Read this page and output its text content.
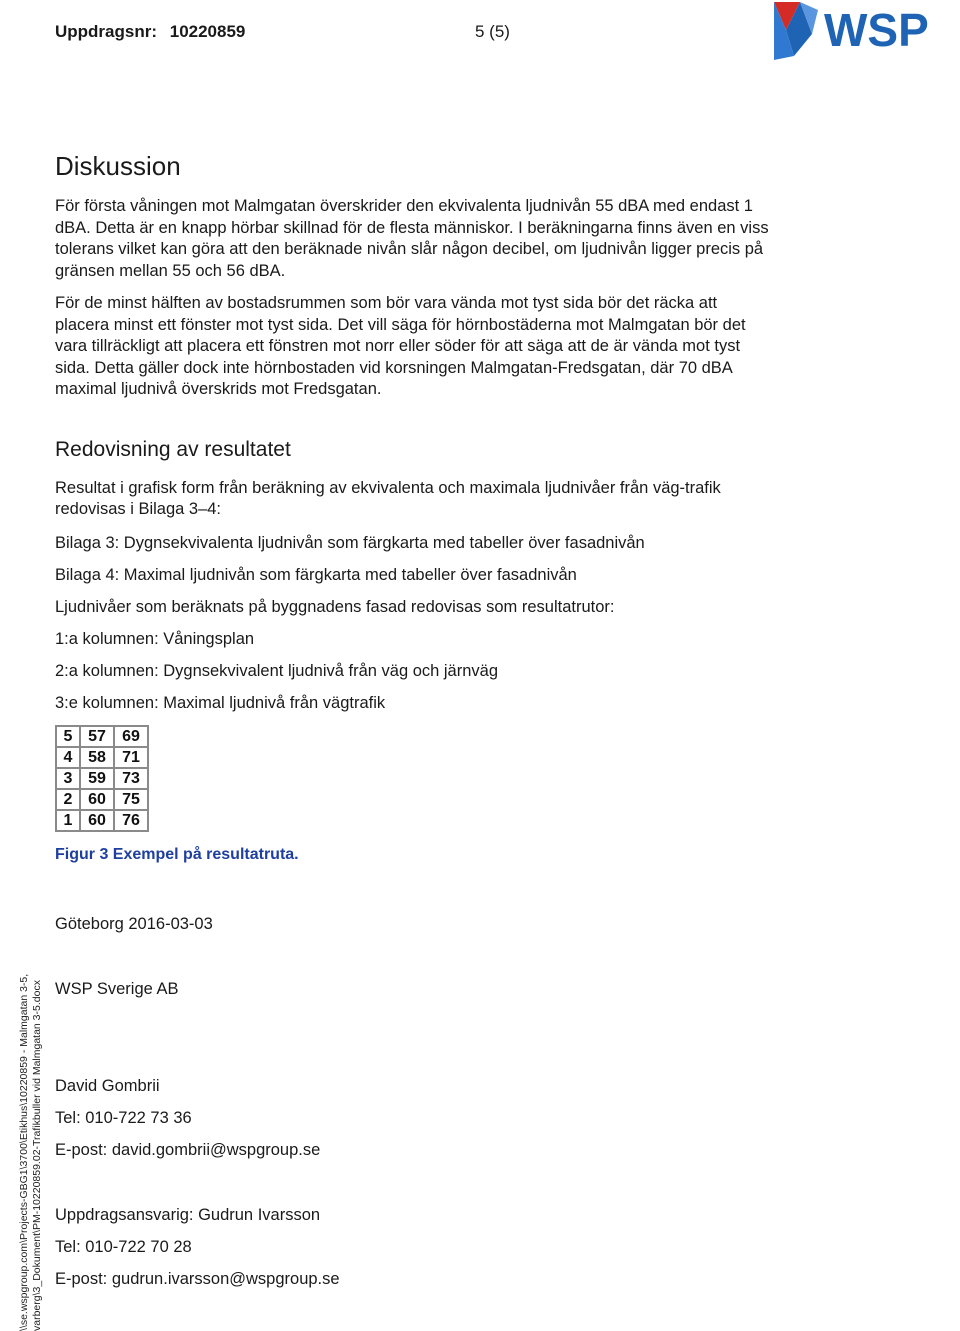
Uppdragsnr: 10220859	5 (5)	WSP
\\se.wspgroup.com\Projects-GBG1\3700\Etikhus\10220859 - Malmgatan 3-5, varberg\3_Dokument\PM-10220859.02-Trafikbuller vid Malmgatan 3-5.docx
Diskussion

För första våningen mot Malmgatan överskrider den ekvivalenta ljudnivån 55 dBA med endast 1 dBA. Detta är en knapp hörbar skillnad för de flesta människor. I beräkningarna finns även en viss tolerans vilket kan göra att den beräknade nivån slår någon decibel, om ljudnivån ligger precis på gränsen mellan 55 och 56 dBA.

För de minst hälften av bostadsrummen som bör vara vända mot tyst sida bör det räcka att placera minst ett fönster mot tyst sida. Det vill säga för hörnbostäderna mot Malmgatan bör det vara tillräckligt att placera ett fönstren mot norr eller söder för att säga att de är vända mot tyst sida. Detta gäller dock inte hörnbostaden vid korsningen Malmgatan-Fredsgatan, där 70 dBA maximal ljudnivå överskrids mot Fredsgatan.

Redovisning av resultatet

Resultat i grafisk form från beräkning av ekvivalenta och maximala ljudnivåer från väg-trafik redovisas i Bilaga 3–4:

Bilaga 3: Dygnsekvivalenta ljudnivån som färgkarta med tabeller över fasadnivån

Bilaga 4: Maximal ljudnivån som färgkarta med tabeller över fasadnivån

Ljudnivåer som beräknats på byggnadens fasad redovisas som resultatrutor:

1:a kolumnen: Våningsplan

2:a kolumnen: Dygnsekvivalent ljudnivå från väg och järnväg

3:e kolumnen: Maximal ljudnivå från vägtrafik

5	57	69
4	58	71
3	59	73
2	60	75
1	60	76
Figur 3 Exempel på resultatruta.

Göteborg 2016-03-03

WSP Sverige AB

David Gombrii

Tel: 010-722 73 36

E-post: david.gombrii@wspgroup.se

Uppdragsansvarig: Gudrun Ivarsson

Tel: 010-722 70 28

E-post: gudrun.ivarsson@wspgroup.se
